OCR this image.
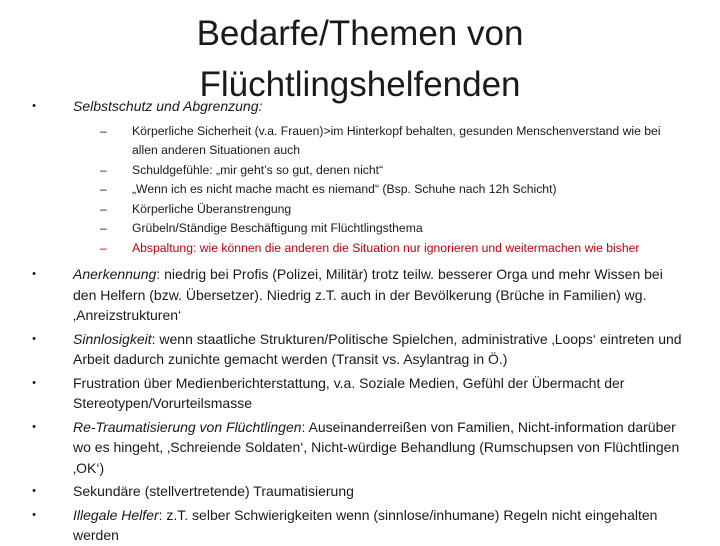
Bedarfe/Themen von
Flüchtlingshelfenden
•	Selbstschutz und Abgrenzung:
– Körperliche Sicherheit (v.a. Frauen)>im Hinterkopf behalten, gesunden Menschenverstand wie bei allen anderen Situationen auch
– Schuldgefühle: „mir geht’s so gut, denen nicht“
– „Wenn ich es nicht mache macht es niemand“ (Bsp. Schuhe nach 12h Schicht)
– Körperliche Überanstrengung
– Grübeln/Ständige Beschäftigung mit Flüchtlingsthema
– Abspaltung: wie können die anderen die Situation nur ignorieren und weitermachen wie bisher
•	Anerkennung: niedrig bei Profis (Polizei, Militär) trotz teilw. besserer Orga und mehr Wissen bei den Helfern (bzw. Übersetzer). Niedrig z.T. auch in der Bevölkerung (Brüche in Familien) wg. ‚Anreizstrukturen‘
•	Sinnlosigkeit: wenn staatliche Strukturen/Politische Spielchen, administrative ‚Loops‘ eintreten und Arbeit dadurch zunichte gemacht werden (Transit vs. Asylantrag in Ö.)
•	Frustration über Medienberichterstattung, v.a. Soziale Medien, Gefühl der Übermacht der Stereotypen/Vorurteilsmasse
•	Re-Traumatisierung von Flüchtlingen: Auseinanderreißen von Familien, Nicht-information darüber wo es hingeht, ‚Schreiende Soldaten‘, Nicht-würdige Behandlung (Rumschupsen von Flüchtlingen ‚OK‘)
•	Sekundäre (stellvertretende) Traumatisierung
•	Illegale Helfer: z.T. selber Schwierigkeiten wenn (sinnlose/inhumane) Regeln nicht eingehalten werden
